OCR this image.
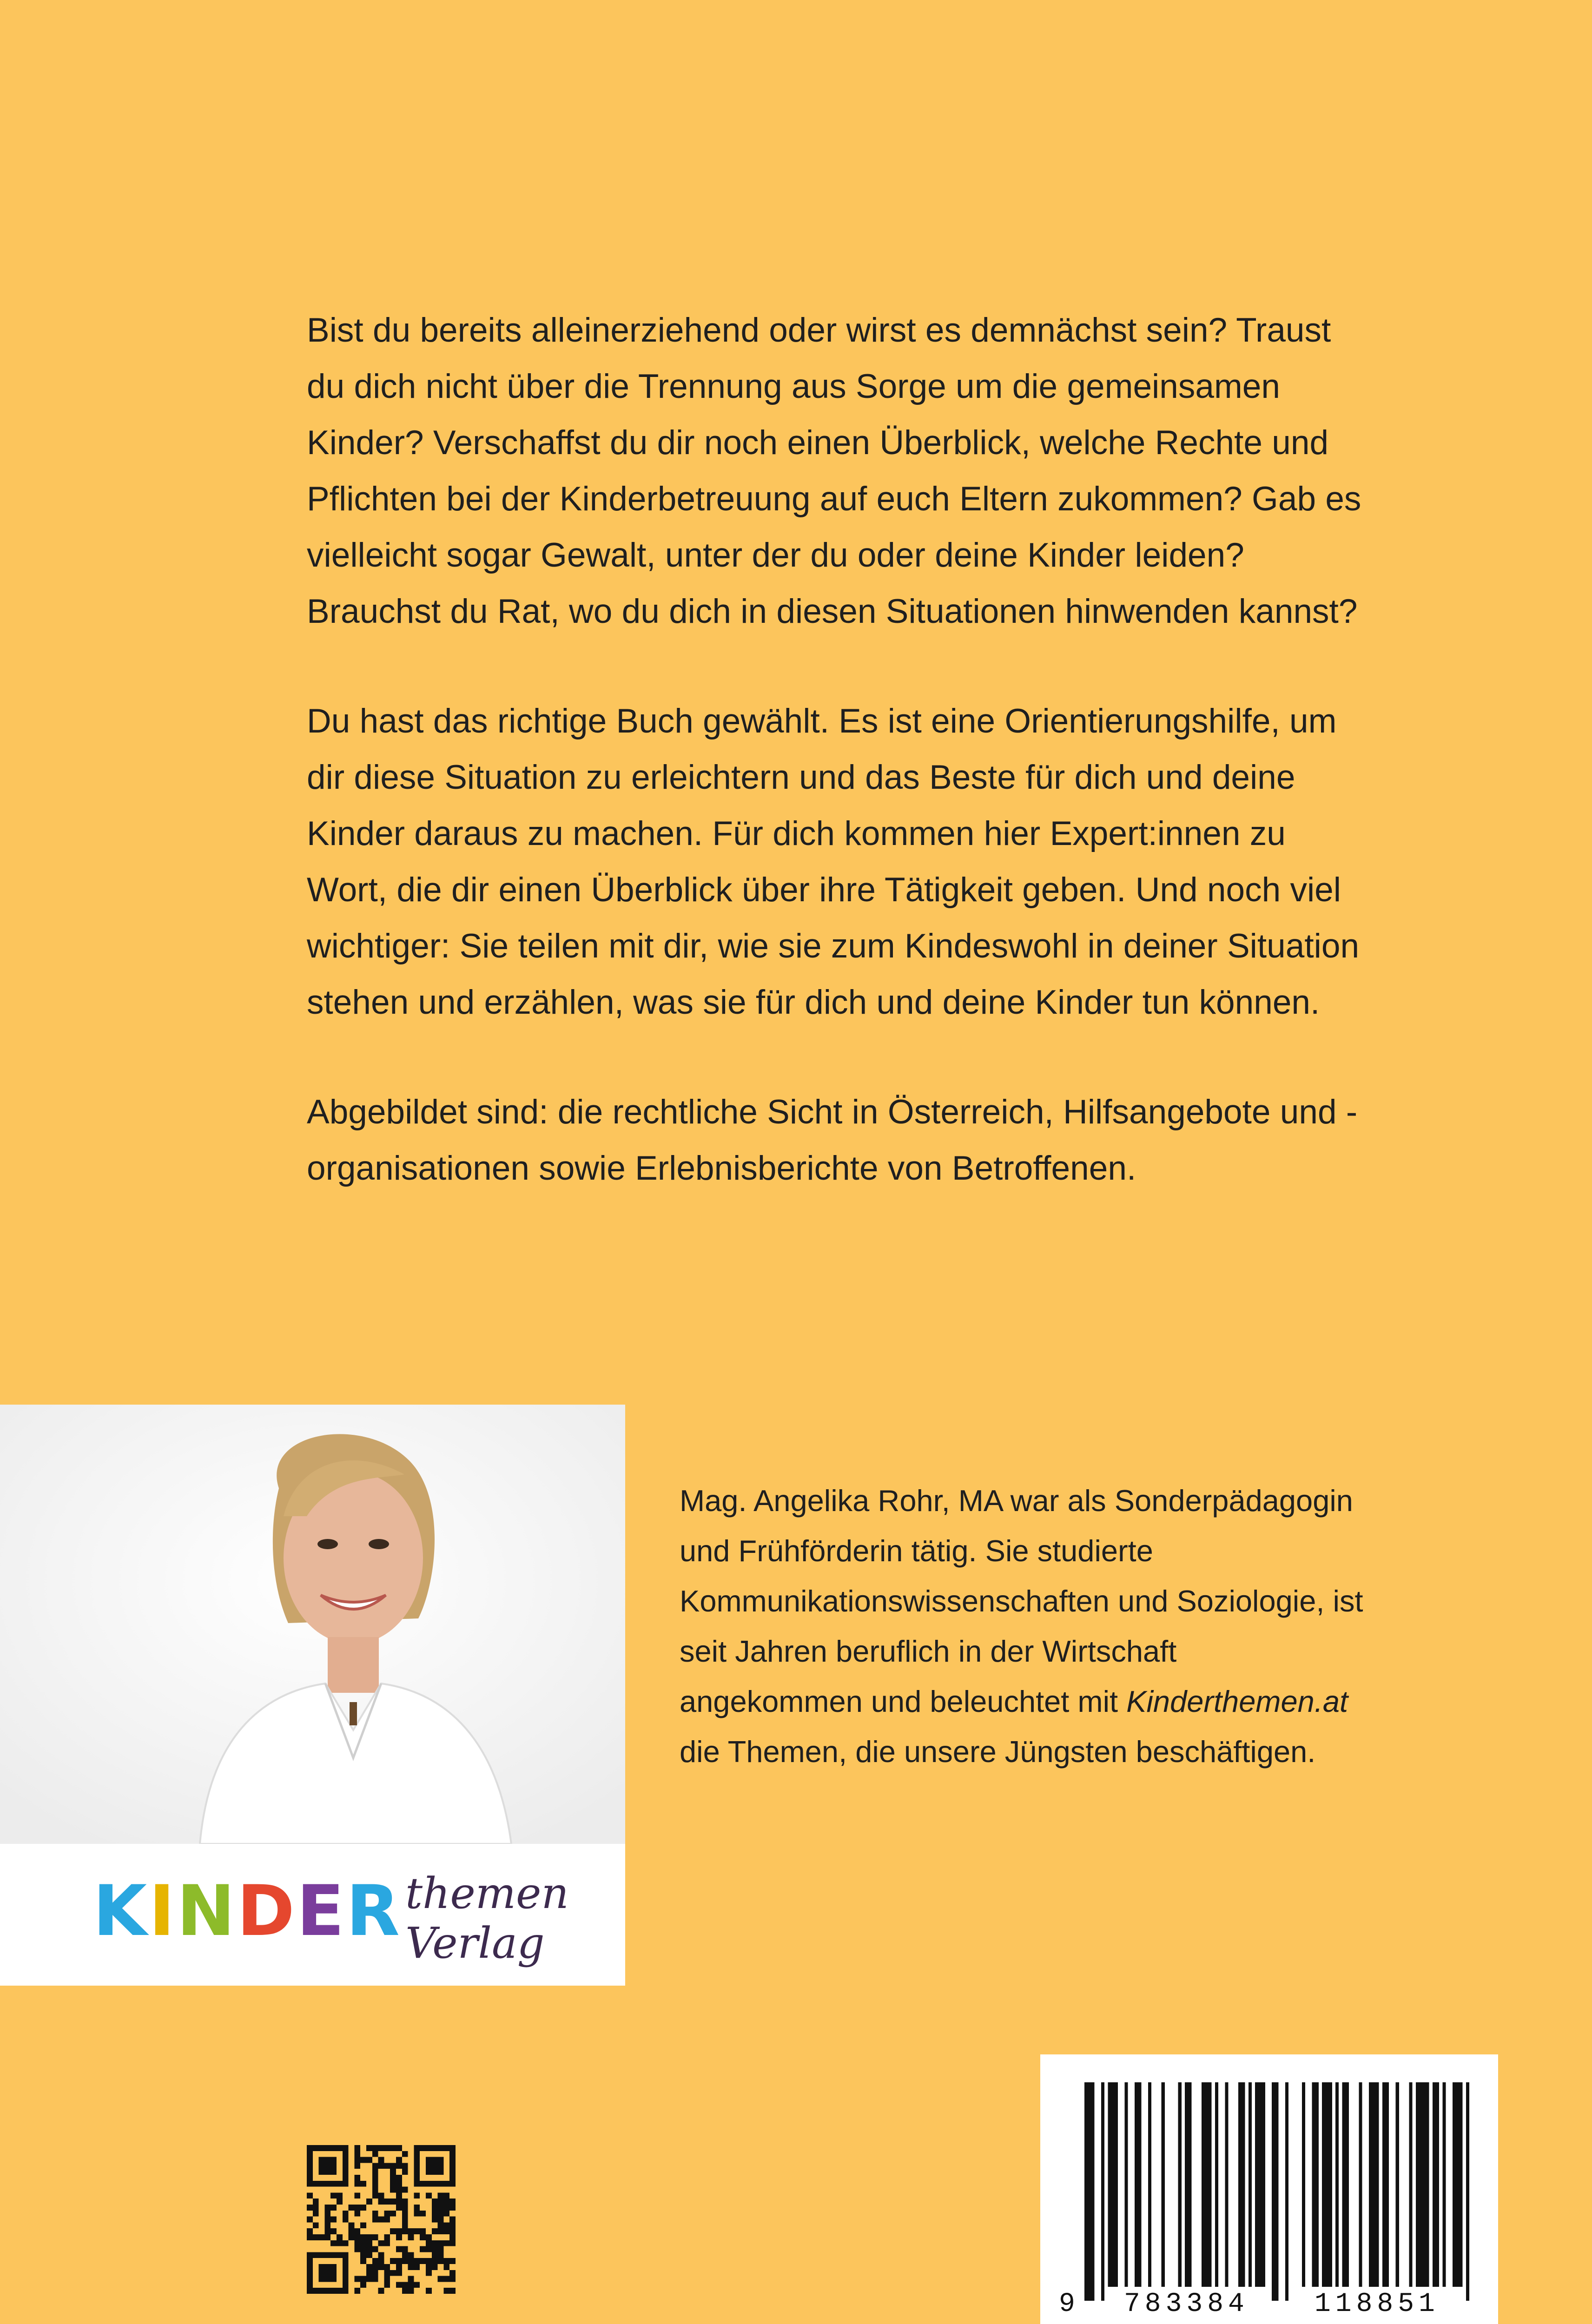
Bist du bereits alleinerziehend oder wirst es demnächst sein? Traust du dich nicht über die Trennung aus Sorge um die gemeinsamen Kinder? Verschaffst du dir noch einen Überblick, welche Rechte und Pflichten bei der Kinderbetreuung auf euch Eltern zukommen? Gab es vielleicht sogar Gewalt, unter der du oder deine Kinder leiden? Brauchst du Rat, wo du dich in diesen Situationen hinwenden kannst?

Du hast das richtige Buch gewählt. Es ist eine Orientierungshilfe, um dir diese Situation zu erleichtern und das Beste für dich und deine Kinder daraus zu machen. Für dich kommen hier Expert:innen zu Wort, die dir einen Überblick über ihre Tätigkeit geben. Und noch viel wichtiger: Sie teilen mit dir, wie sie zum Kindeswohl in deiner Situation stehen und erzählen, was sie für dich und deine Kinder tun können.

Abgebildet sind: die rechtliche Sicht in Österreich, Hilfsangebote und -organisationen sowie Erlebnisberichte von Betroffenen.

KINDER themen Verlag
Mag. Angelika Rohr, MA war als Sonderpädagogin und Frühförderin tätig. Sie studierte Kommunikationswissenschaften und Soziologie, ist seit Jahren beruflich in der Wirtschaft angekommen und beleuchtet mit Kinderthemen.at die Themen, die unsere Jüngsten beschäftigen.
9 783384 118851
